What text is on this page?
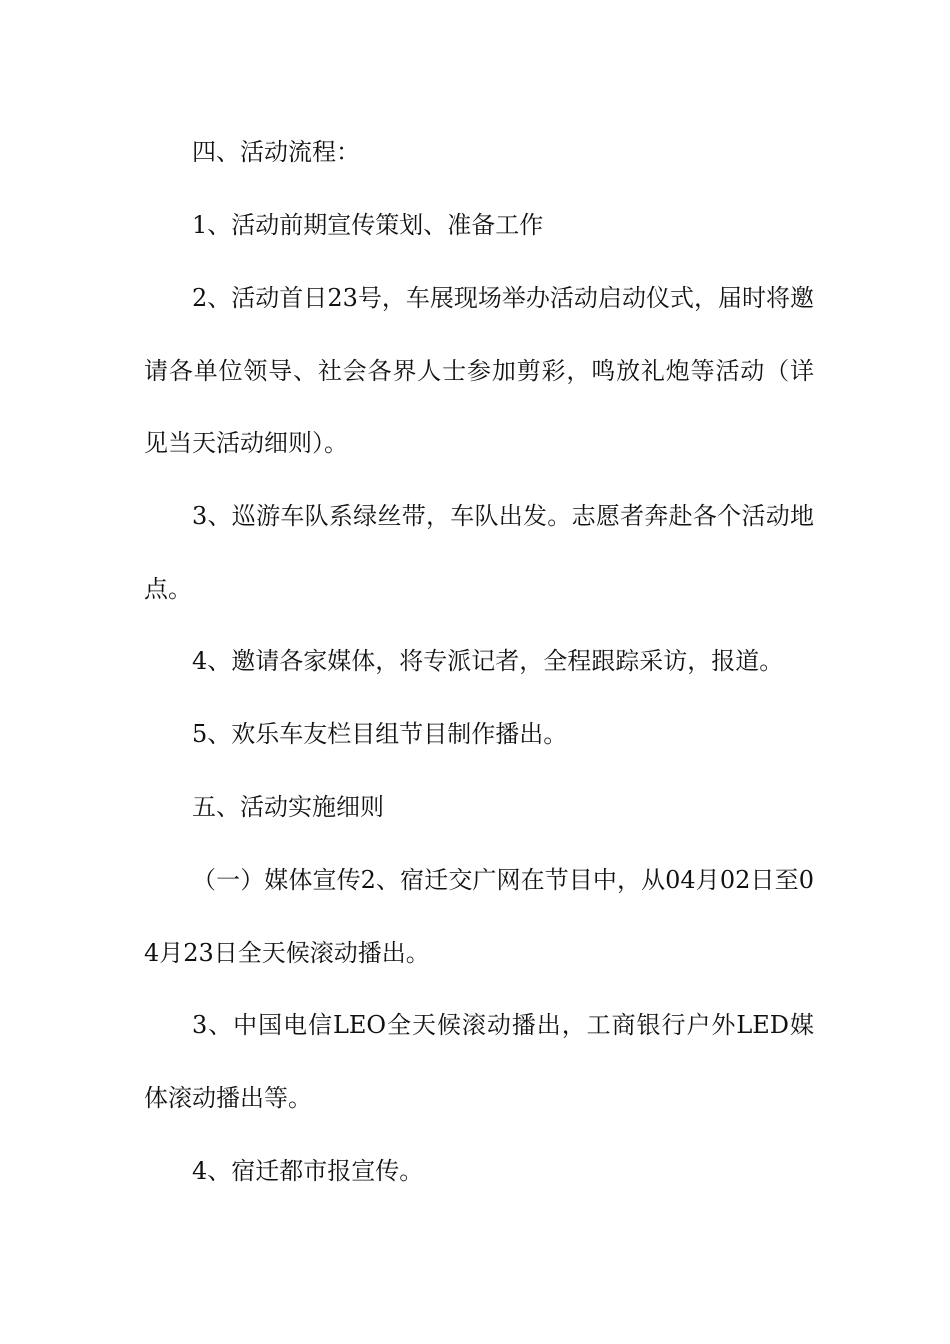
四、活动流程：

1、活动前期宣传策划、准备工作

2、活动首日23号，车展现场举办活动启动仪式，届时将邀请各单位领导、社会各界人士参加剪彩，鸣放礼炮等活动（详见当天活动细则）。

3、巡游车队系绿丝带，车队出发。志愿者奔赴各个活动地点。

4、邀请各家媒体，将专派记者，全程跟踪采访，报道。

5、欢乐车友栏目组节目制作播出。

五、活动实施细则

（一）媒体宣传2、宿迁交广网在节目中，从04月02日至04月23日全天候滚动播出。

3、中国电信LEO全天候滚动播出，工商银行户外LED媒体滚动播出等。

4、宿迁都市报宣传。
